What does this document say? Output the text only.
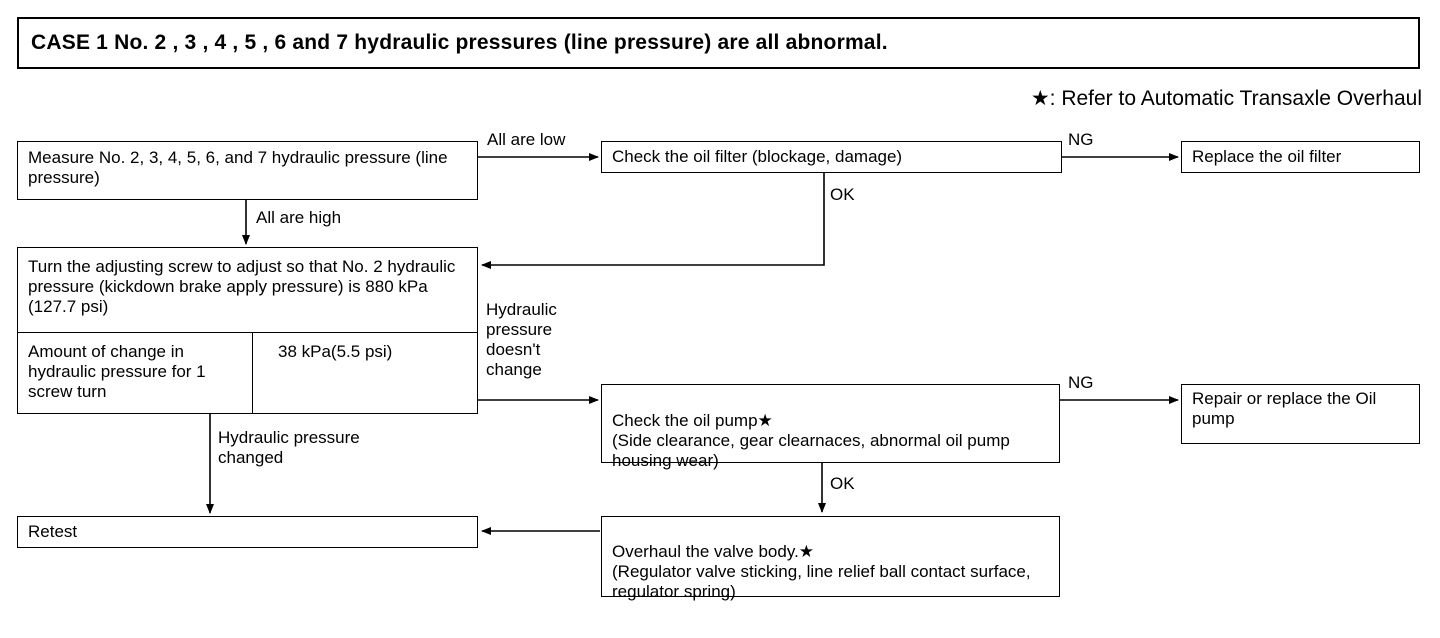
CASE 1 No. 2 , 3 , 4 , 5 , 6 and 7 hydraulic pressures (line pressure) are all abnormal.
★: Refer to Automatic Transaxle Overhaul
Measure No. 2, 3, 4, 5, 6, and 7 hydraulic pressure (line pressure)
Check the oil filter (blockage, damage)	Replace the oil filter
Turn the adjusting screw to adjust so that No. 2 hydraulic pressure (kickdown brake apply pressure) is 880 kPa (127.7 psi)
Amount of change in hydraulic pressure for 1 screw turn
38 kPa(5.5 psi)

Check the oil pump★
(Side clearance, gear clearnaces, abnormal oil pump housing wear)

Repair or replace the Oil pump
Retest

Overhaul the valve body.★
(Regulator valve sticking, line relief ball contact surface, regulator spring)

All are low
All are high
NG
OK
Hydraulic
pressure
doesn't
change
NG
Hydraulic pressure
changed
OK
